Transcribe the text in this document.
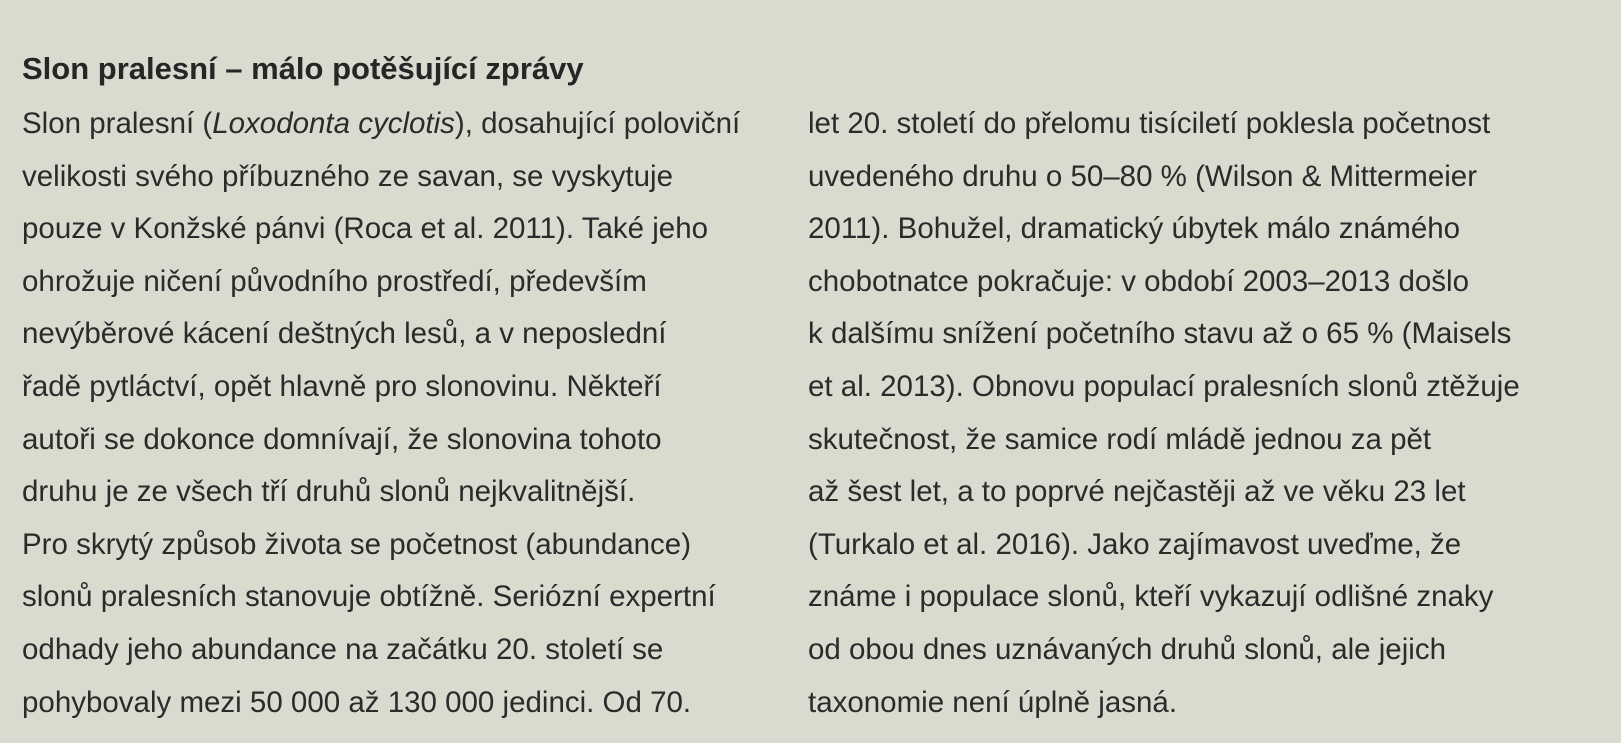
Slon pralesní – málo potěšující zprávy
Slon pralesní (Loxodonta cyclotis), dosahující poloviční
velikosti svého příbuzného ze savan, se vyskytuje
pouze v Konžské pánvi (Roca et al. 2011). Také jeho
ohrožuje ničení původního prostředí, především
nevýběrové kácení deštných lesů, a v neposlední
řadě pytláctví, opět hlavně pro slonovinu. Někteří
autoři se dokonce domnívají, že slonovina tohoto
druhu je ze všech tří druhů slonů nejkvalitnější.
Pro skrytý způsob života se početnost (abundance)
slonů pralesních stanovuje obtížně. Seriózní expertní
odhady jeho abundance na začátku 20. století se
pohybovaly mezi 50 000 až 130 000 jedinci. Od 70.
let 20. století do přelomu tisíciletí poklesla početnost
uvedeného druhu o 50–80 % (Wilson & Mittermeier
2011). Bohužel, dramatický úbytek málo známého
chobotnatce pokračuje: v období 2003–2013 došlo
k dalšímu snížení početního stavu až o 65 % (Maisels
et al. 2013). Obnovu populací pralesních slonů ztěžuje
skutečnost, že samice rodí mládě jednou za pět
až šest let, a to poprvé nejčastěji až ve věku 23 let
(Turkalo et al. 2016). Jako zajímavost uveďme, že
známe i populace slonů, kteří vykazují odlišné znaky
od obou dnes uznávaných druhů slonů, ale jejich
taxonomie není úplně jasná.
